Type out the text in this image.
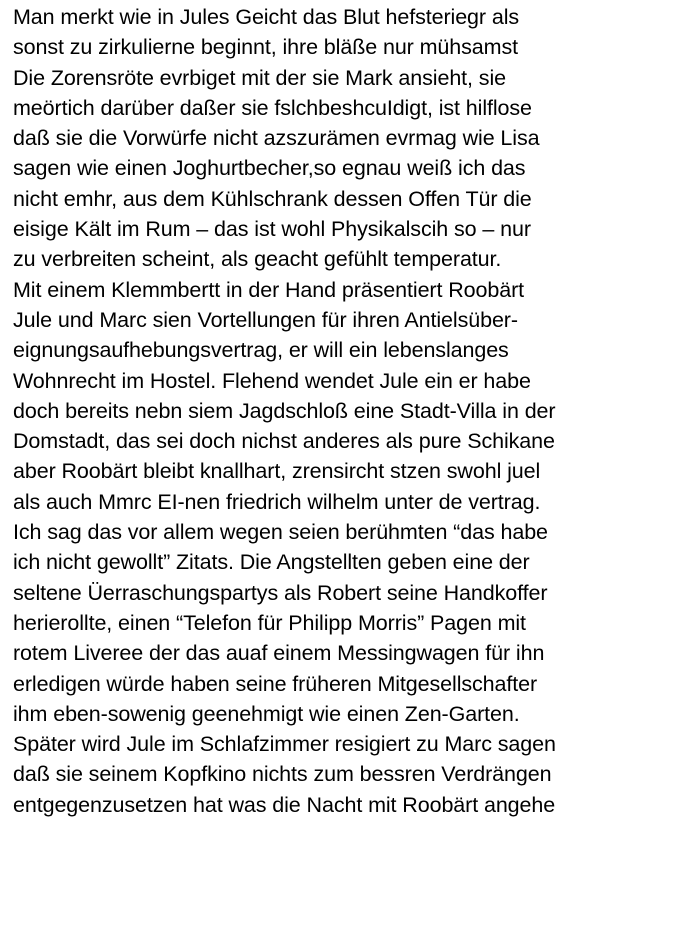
Man merkt wie in Jules Geicht das Blut hefsteriegr als
sonst zu zirkulierne beginnt, ihre bläße nur mühsamst
Die Zorensröte evrbiget mit der sie Mark ansieht, sie
meörtich darüber daßer sie fslchbeshcuIdigt, ist hilflose
daß sie die Vorwürfe nicht azszurämen evrmag wie Lisa
sagen wie einen Joghurtbecher,so egnau weiß ich das
nicht emhr, aus dem Kühlschrank dessen Offen Tür die
eisige Kält im Rum – das ist wohl Physikalscih so – nur
zu verbreiten scheint, als geacht gefühlt temperatur.
Mit einem Klemmbertt in der Hand präsentiert Roobärt
Jule und Marc sien Vortellungen für ihren Antielsüber-
eignungsaufhebungsvertrag, er will ein lebenslanges
Wohnrecht im Hostel. Flehend wendet Jule ein er habe
doch bereits nebn siem Jagdschloß eine Stadt-Villa in der
Domstadt, das sei doch nichst anderes als pure Schikane
aber Roobärt bleibt knallhart, zrensircht stzen swohl juel
als auch Mmrc EI-nen friedrich wilhelm unter de vertrag.
Ich sag das vor allem wegen seien berühmten “das habe
ich nicht gewollt” Zitats. Die Angstellten geben eine der
seltene Üerraschungspartys als Robert seine Handkoffer
herierollte, einen “Telefon für Philipp Morris” Pagen mit
rotem Liveree der das auaf einem Messingwagen für ihn
erledigen würde haben seine früheren Mitgesellschafter
ihm eben-sowenig geenehmigt wie einen Zen-Garten.
Später wird Jule im Schlafzimmer resigiert zu Marc sagen
daß sie seinem Kopfkino nichts zum bessren Verdrängen
entgegenzusetzen hat was die Nacht mit Roobärt angehe
